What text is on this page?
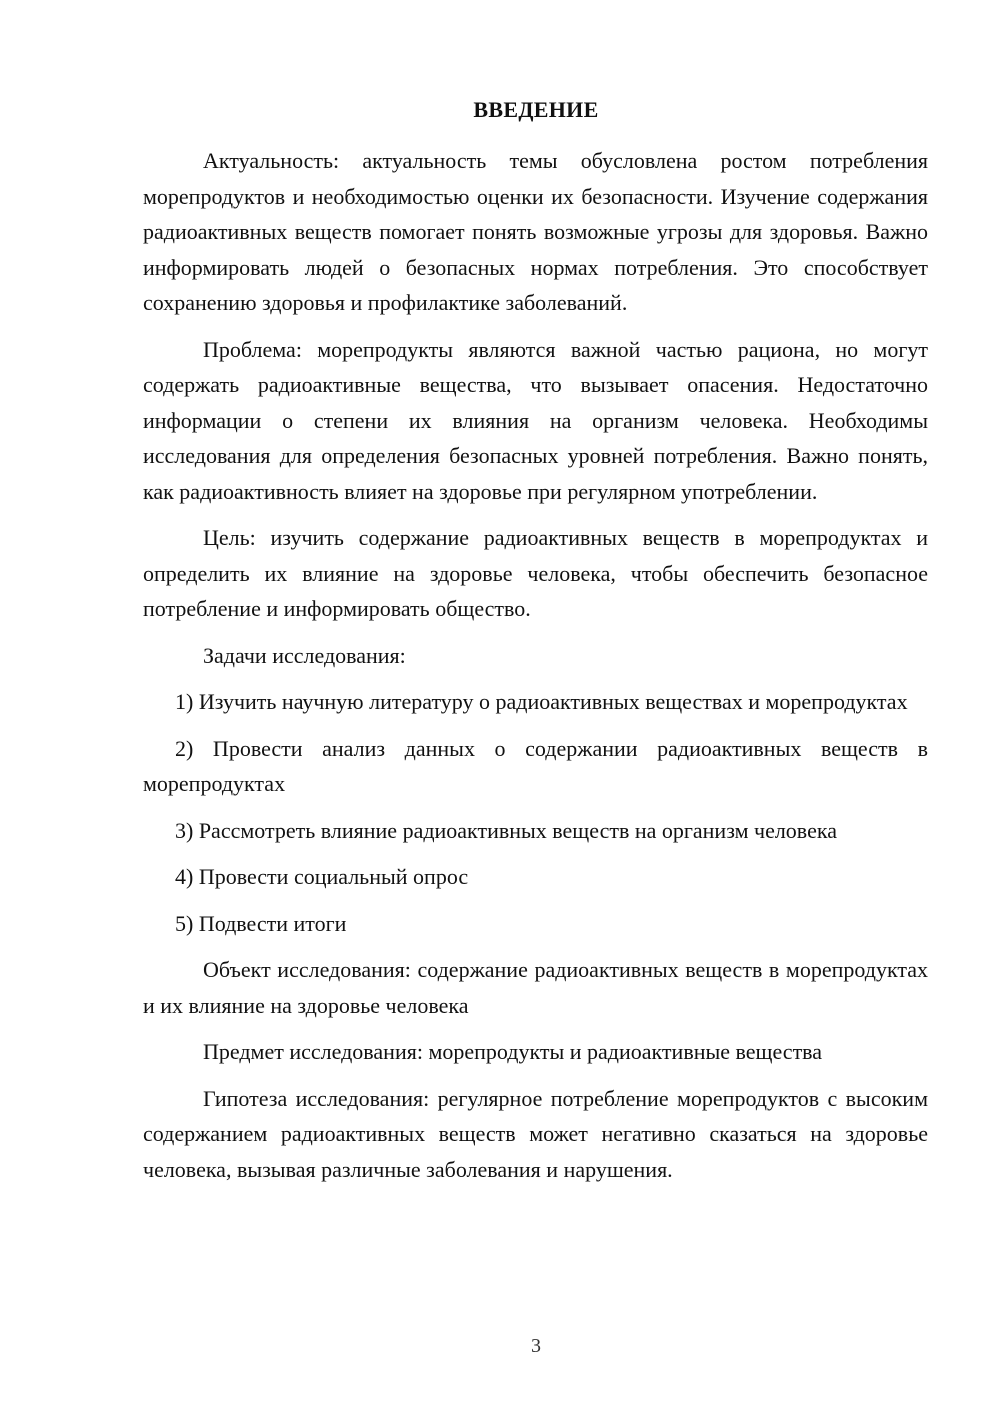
ВВЕДЕНИЕ

Актуальность: актуальность темы обусловлена ростом потребления морепродуктов и необходимостью оценки их безопасности. Изучение содержания радиоактивных веществ помогает понять возможные угрозы для здоровья. Важно информировать людей о безопасных нормах потребления. Это способствует сохранению здоровья и профилактике заболеваний.

Проблема: морепродукты являются важной частью рациона, но могут содержать радиоактивные вещества, что вызывает опасения. Недостаточно информации о степени их влияния на организм человека. Необходимы исследования для определения безопасных уровней потребления. Важно понять, как радиоактивность влияет на здоровье при регулярном употреблении.

Цель: изучить содержание радиоактивных веществ в морепродуктах и определить их влияние на здоровье человека, чтобы обеспечить безопасное потребление и информировать общество.

Задачи исследования:

1) Изучить научную литературу о радиоактивных веществах и морепродуктах

2) Провести анализ данных о содержании радиоактивных веществ в морепродуктах

3) Рассмотреть влияние радиоактивных веществ на организм человека

4) Провести социальный опрос

5) Подвести итоги

Объект исследования: содержание радиоактивных веществ в морепродуктах и их влияние на здоровье человека

Предмет исследования: морепродукты и радиоактивные вещества

Гипотеза исследования: регулярное потребление морепродуктов с высоким содержанием радиоактивных веществ может негативно сказаться на здоровье человека, вызывая различные заболевания и нарушения.

3
